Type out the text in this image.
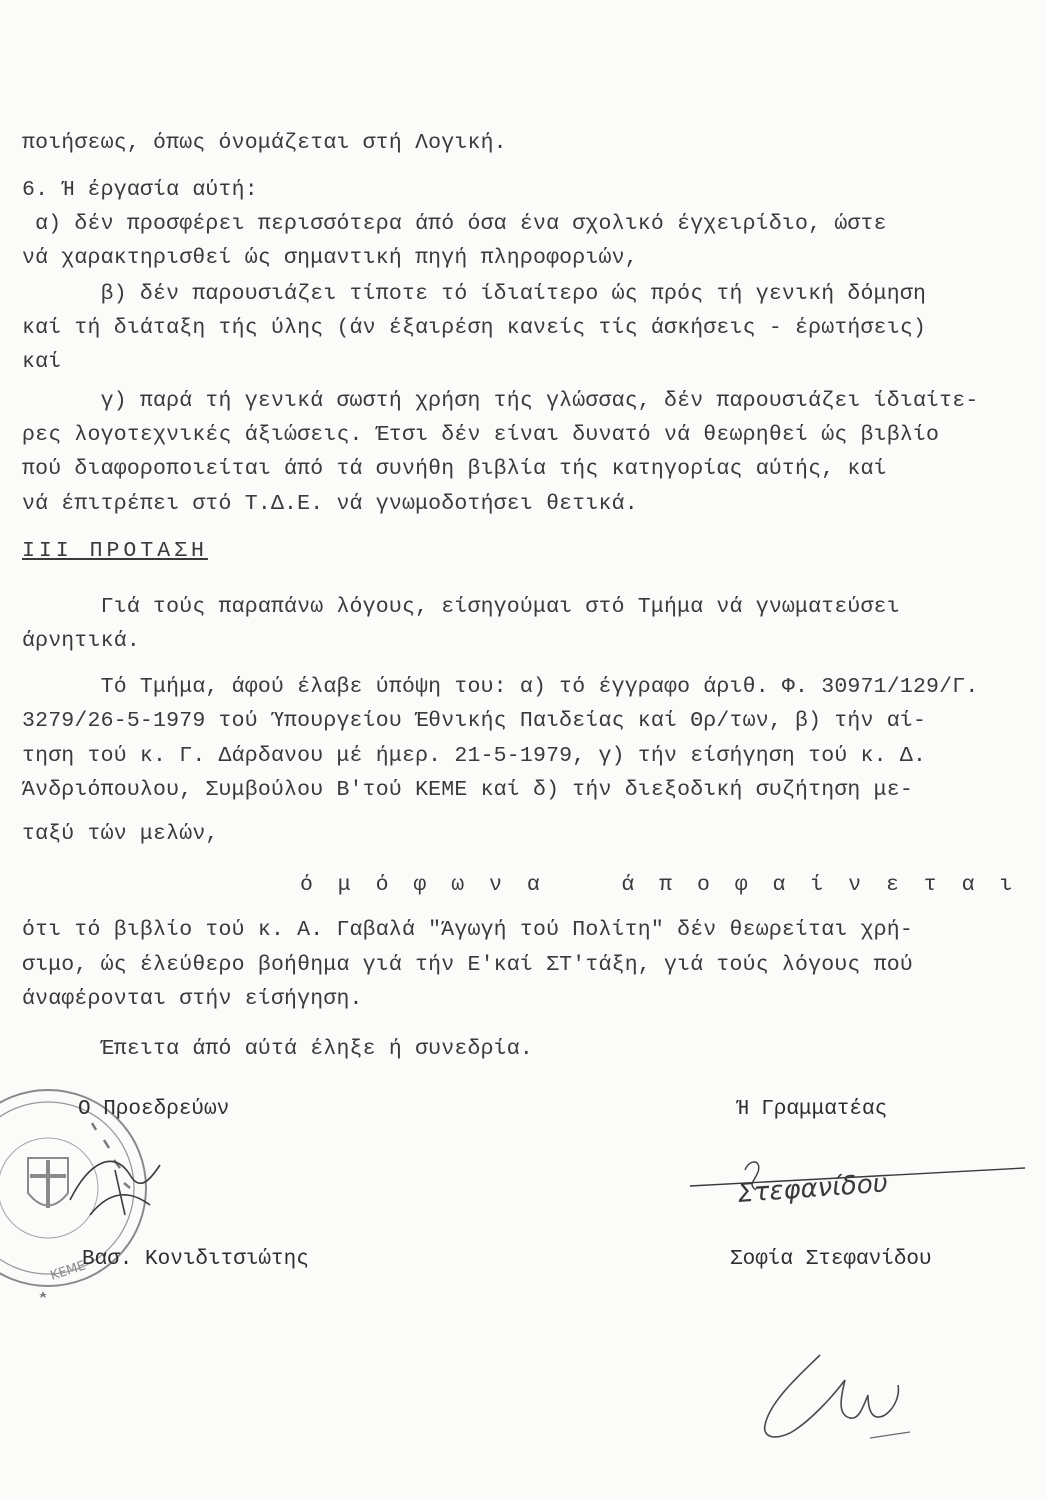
ποιήσεως, όπως όνομάζεται στή Λογική.
6. Ή έργασία αύτή:
α) δέν προσφέρει περισσότερα άπό όσα ένα σχολικό έγχειρίδιο, ώστε
νά χαρακτηρισθεί ώς σημαντική πηγή πληροφοριών,
β) δέν παρουσιάζει τίποτε τό ίδιαίτερο ώς πρός τή γενική δόμηση
καί τή διάταξη τής ύλης (άν έξαιρέση κανείς τίς άσκήσεις - έρωτήσεις)
καί
γ) παρά τή γενικά σωστή χρήση τής γλώσσας, δέν παρουσιάζει ίδιαίτε-
ρες λογοτεχνικές άξιώσεις. Έτσι δέν είναι δυνατό νά θεωρηθεί ώς βιβλίο
πού διαφοροποιείται άπό τά συνήθη βιβλία τής κατηγορίας αύτής, καί
νά έπιτρέπει στό Τ.Δ.Ε. νά γνωμοδοτήσει θετικά.
III ΠΡΟΤΑΣΗ
Γιά τούς παραπάνω λόγους, είσηγούμαι στό Τμήμα νά γνωματεύσει
άρνητικά.
Τό Τμήμα, άφού έλαβε ύπόψη του: α) τό έγγραφο άριθ. Φ. 30971/129/Γ.
3279/26-5-1979 τού Ύπουργείου Έθνικής Παιδείας καί Θρ/των, β) τήν αί-
τηση τού κ. Γ. Δάρδανου μέ ήμερ. 21-5-1979, γ) τήν είσήγηση τού κ. Δ.
Άνδριόπουλου, Συμβούλου Β'τού ΚΕΜΕ καί δ) τήν διεξοδική συζήτηση με-
ταξύ τών μελών,
ό μ ό φ ω ν α    ά π ο φ α ί ν ε τ α ι
ότι τό βιβλίο τού κ. Α. Γαβαλά "Άγωγή τού Πολίτη" δέν θεωρείται χρή-
σιμο, ώς έλεύθερο βοήθημα γιά τήν Ε'καί ΣΤ'τάξη, γιά τούς λόγους πού
άναφέρονται στήν είσήγηση.
Έπειτα άπό αύτά έληξε ή συνεδρία.
ΚΕΜΕ
Ο Προεδρεύων	Ή Γραμματέας
Στεφανίδου
Βασ. Κονιδιτσιώτης	Σοφία Στεφανίδου
